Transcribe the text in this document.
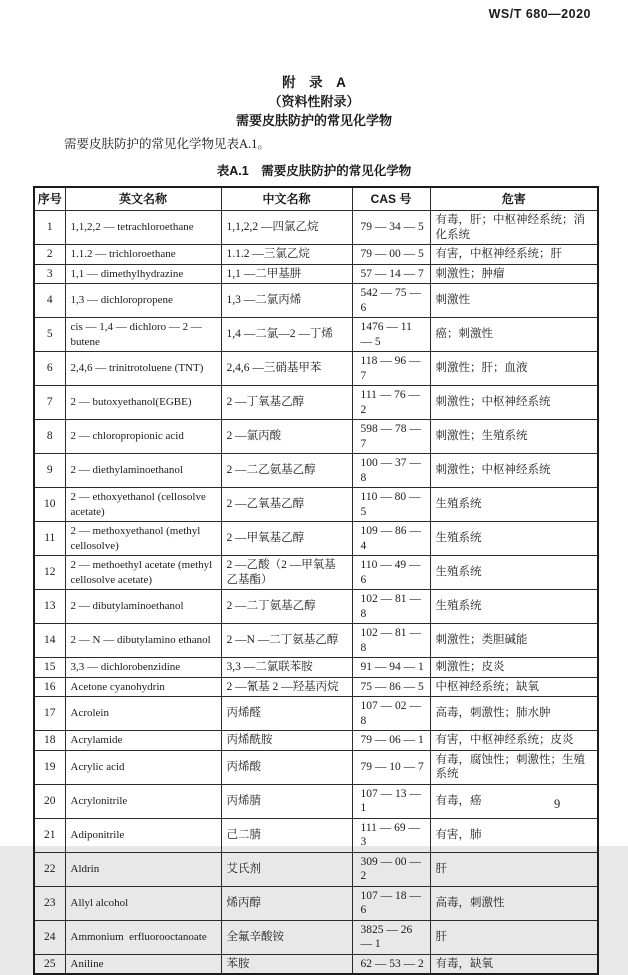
WS/T 680—2020
附　录　A
（资料性附录）
需要皮肤防护的常见化学物

需要皮肤防护的常见化学物见表A.1。

表A.1　需要皮肤防护的常见化学物
序号	英文名称	中文名称	CAS 号	危害
1	1,1,2,2 — tetrachloroethane	1,1,2,2 —四氯乙烷	79 — 34 — 5	有毒，肝；中枢神经系统；消化系统
2	1.1.2 — trichloroethane	1.1.2 —三氯乙烷	79 — 00 — 5	有害，中枢神经系统；肝
3	1,1 — dimethylhydrazine	1,1 —二甲基肼	57 — 14 — 7	刺激性；肿瘤
4	1,3 — dichloropropene	1,3 —二氯丙烯	542 — 75 — 6	刺激性
5	cis — 1,4 — dichloro — 2 — butene	1,4 —二氯—2 —丁烯	1476 — 11 — 5	癌；刺激性
6	2,4,6 — trinitrotoluene (TNT)	2,4,6 —三硝基甲苯	118 — 96 — 7	刺激性；肝；血液
7	2 — butoxyethanol(EGBE)	2 —丁氧基乙醇	111 — 76 — 2	刺激性；中枢神经系统
8	2 — chloropropionic acid	2 —氯丙酸	598 — 78 — 7	刺激性；生殖系统
9	2 — diethylaminoethanol	2 —二乙氨基乙醇	100 — 37 — 8	刺激性；中枢神经系统
10	2 — ethoxyethanol (cellosolve acetate)	2 —乙氧基乙醇	110 — 80 — 5	生殖系统
11	2 — methoxyethanol (methyl cellosolve)	2 —甲氧基乙醇	109 — 86 — 4	生殖系统
12	2 — methoethyl acetate (methyl cellosolve acetate)	2 —乙酸（2 —甲氧基乙基酯）	110 — 49 — 6	生殖系统
13	2 — dibutylaminoethanol	2 —二丁氨基乙醇	102 — 81 — 8	生殖系统
14	2 — N — dibutylamino ethanol	2 —N —二丁氨基乙醇	102 — 81 — 8	刺激性；类胆碱能
15	3,3 — dichlorobenzidine	3,3 —二氯联苯胺	91 — 94 — 1	刺激性；皮炎
16	Acetone cyanohydrin	2 —氰基 2 —羟基丙烷	75 — 86 — 5	中枢神经系统；缺氧
17	Acrolein	丙烯醛	107 — 02 — 8	高毒，刺激性；肺水肿
18	Acrylamide	丙烯酰胺	79 — 06 — 1	有害，中枢神经系统；皮炎
19	Acrylic acid	丙烯酸	79 — 10 — 7	有毒，腐蚀性；刺激性；生殖系统
20	Acrylonitrile	丙烯腈	107 — 13 — 1	有毒，癌
21	Adiponitrile	己二腈	111 — 69 — 3	有害，肺
22	Aldrin	艾氏剂	309 — 00 — 2	肝
23	Allyl alcohol	烯丙醇	107 — 18 — 6	高毒，刺激性
24	Ammonium  erfluorooctanoate	全氟辛酸铵	3825 — 26 — 1	肝
25	Aniline	苯胺	62 — 53 — 2	有毒，缺氧
9
